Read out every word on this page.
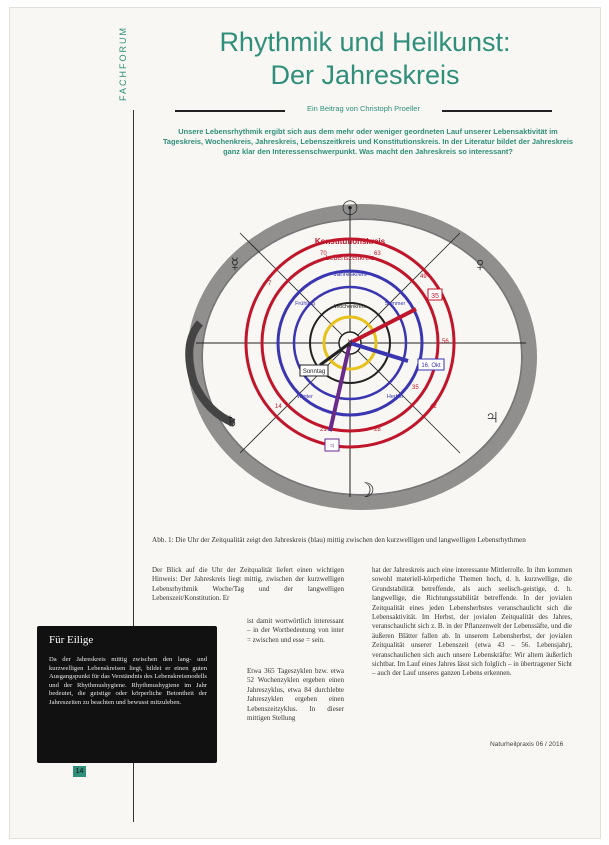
FACHFORUM	Rhythmik und Heilkunst:
Der Jahreskreis
Ein Beitrag von Christoph Proeller
Unsere Lebensrhythmik ergibt sich aus dem mehr oder weniger geordneten Lauf unserer Lebensaktivität im Tageskreis, Wochenkreis, Jahreskreis, Lebenszeitkreis und Konstitutionskreis. In der Literatur bildet der Jahreskreis ganz klar den Interessenschwerpunkt. Was macht den Jahreskreis so interessant?
Konstitutionskreis
Lebenszeitkreis
Jahreskreis
Wochenkreis
Frühling	Sommer
Herbst
Winter
63
49
42
28
21
14
7
70
56
35
35
16. Okt
Sonntag
♃
☉
☿	♀
♄	♃
☽
☿
Abb. 1: Die Uhr der Zeitqualität zeigt den Jahreskreis (blau) mittig zwischen den kurzwelligen und langwelligen Lebensrhythmen
Der Blick auf die Uhr der Zeitqualität liefert einen wichtigen Hinweis: Der Jahreskreis liegt mittig, zwischen der kurzwelligen Lebensrhythmik Woche/Tag und der langwelligen Lebenszeit/Konstitution. Er
ist damit wortwörtlich interessant – in der Wortbedeutung von inter = zwischen und esse = sein.
Etwa 365 Tageszyklen bzw. etwa 52 Wochenzyklen ergeben einen Jahreszyklus, etwa 84 durchlebte Jahreszyklen ergeben einen Lebenszeitzyklus. In dieser mittigen Stellung
hat der Jahreskreis auch eine interessante Mittlerrolle. In ihm kommen sowohl materiell-körperliche Themen hoch, d. h. kurzwellige, die Grundstabilität betreffende, als auch seelisch-geistige, d. h. langwellige, die Richtungsstabilität betreffende. In der jovialen Zeitqualität eines jeden Lebensherbstes veranschaulicht sich die Lebensaktivität. Im Herbst, der jovialen Zeitqualität des Jahres, veranschaulicht sich z. B. in der Pflanzenwelt der Lebenssäfte, und die äußeren Blätter fallen ab. In unserem Lebensherbst, der jovialen Zeitqualität unserer Lebenszeit (etwa 43 – 56. Lebensjahr), veranschaulichen sich auch unsere Lebenskräfte: Wir altern äußerlich sichtbar. Im Lauf eines Jahres lässt sich folglich – in übertragener Sicht – auch der Lauf unseres ganzen Lebens erkennen.
Für Eilige
Da der Jahreskreis mittig zwischen den lang- und kurzwelligen Lebenskreisen liegt, bildet er einen guten Ausgangspunkt für das Verständnis des Lebenskreismodells und der Rhythmushygiene. Rhythmushygiene im Jahr bedeutet, die geistige oder körperliche Betontheit der Jahreszeiten zu beachten und bewusst mitzuleben.
14
Naturheilpraxis 06 / 2016
